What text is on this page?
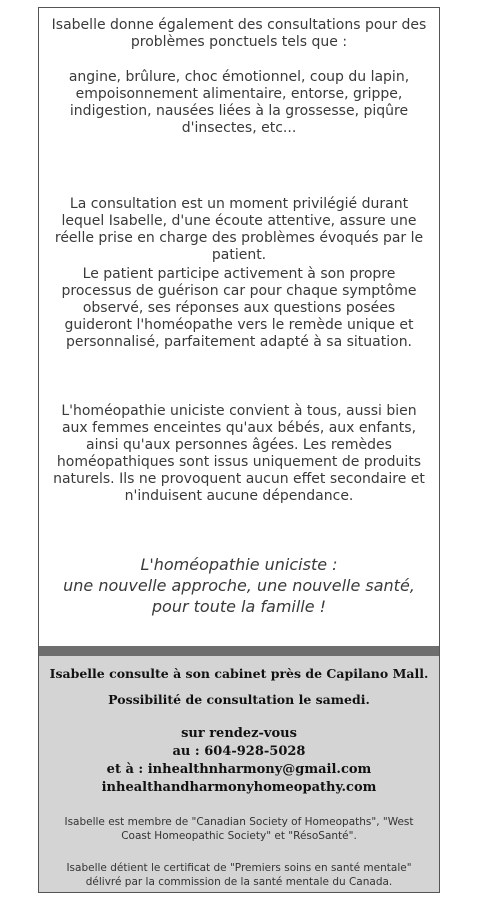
Isabelle donne également des consultations pour des problèmes ponctuels tels que :

angine, brûlure, choc émotionnel, coup du lapin, empoisonnement alimentaire, entorse, grippe, indigestion, nausées liées à la grossesse, piqûre d'insectes, etc...

La consultation est un moment privilégié durant lequel Isabelle, d'une écoute attentive, assure une réelle prise en charge des problèmes évoqués par le patient.

Le patient participe activement à son propre processus de guérison car pour chaque symptôme observé, ses réponses aux questions posées guideront l'homéopathe vers le remède unique et personnalisé, parfaitement adapté à sa situation.

L'homéopathie uniciste convient à tous, aussi bien aux femmes enceintes qu'aux bébés, aux enfants, ainsi qu'aux personnes âgées. Les remèdes homéopathiques sont issus uniquement de produits naturels. Ils ne provoquent aucun effet secondaire et n'induisent aucune dépendance.

L'homéopathie uniciste :
une nouvelle approche, une nouvelle santé,
pour toute la famille !

Isabelle consulte à son cabinet près de Capilano Mall.

Possibilité de consultation le samedi.

sur rendez-vous
au : 604-928-5028
et à : inhealthnharmony@gmail.com
inhealthandharmonyhomeopathy.com

Isabelle est membre de "Canadian Society of Homeopaths", "West Coast Homeopathic Society" et "RésoSanté".

Isabelle détient le certificat de "Premiers soins en santé mentale" délivré par la commission de la santé mentale du Canada.
